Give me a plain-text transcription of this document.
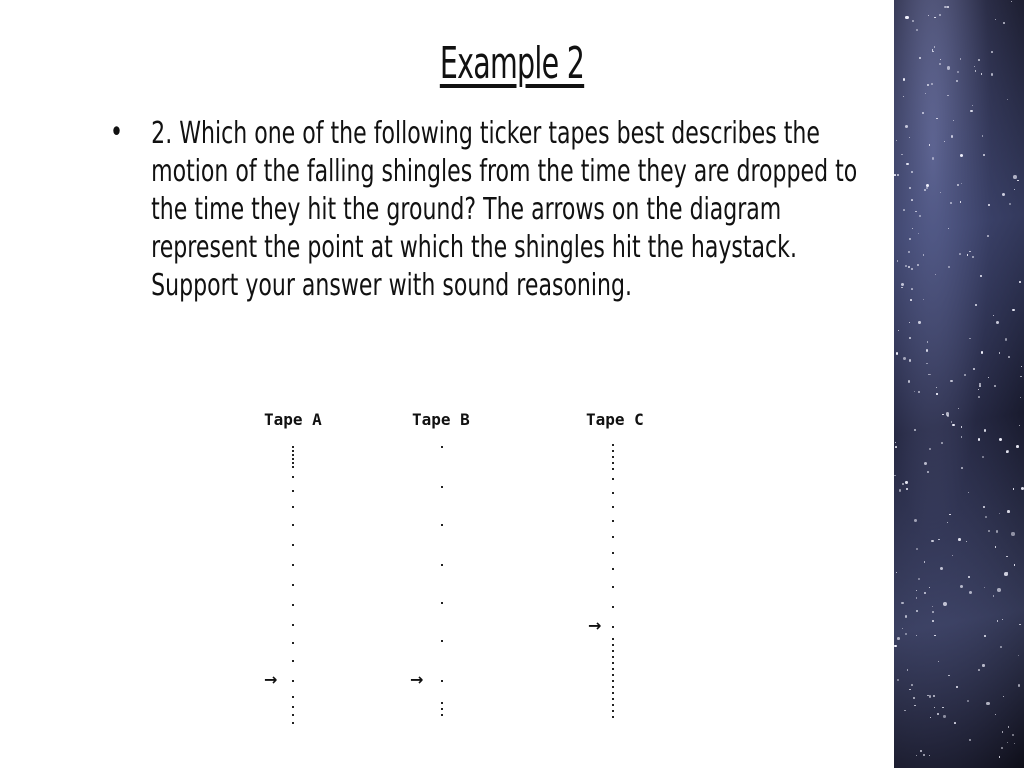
Example 2
• 2. Which one of the following ticker tapes best describes the motion of the falling shingles from the time they are dropped to the time they hit the ground? The arrows on the diagram represent the point at which the shingles hit the haystack. Support your answer with sound reasoning.
Tape A	Tape B	Tape C
→	→
→
